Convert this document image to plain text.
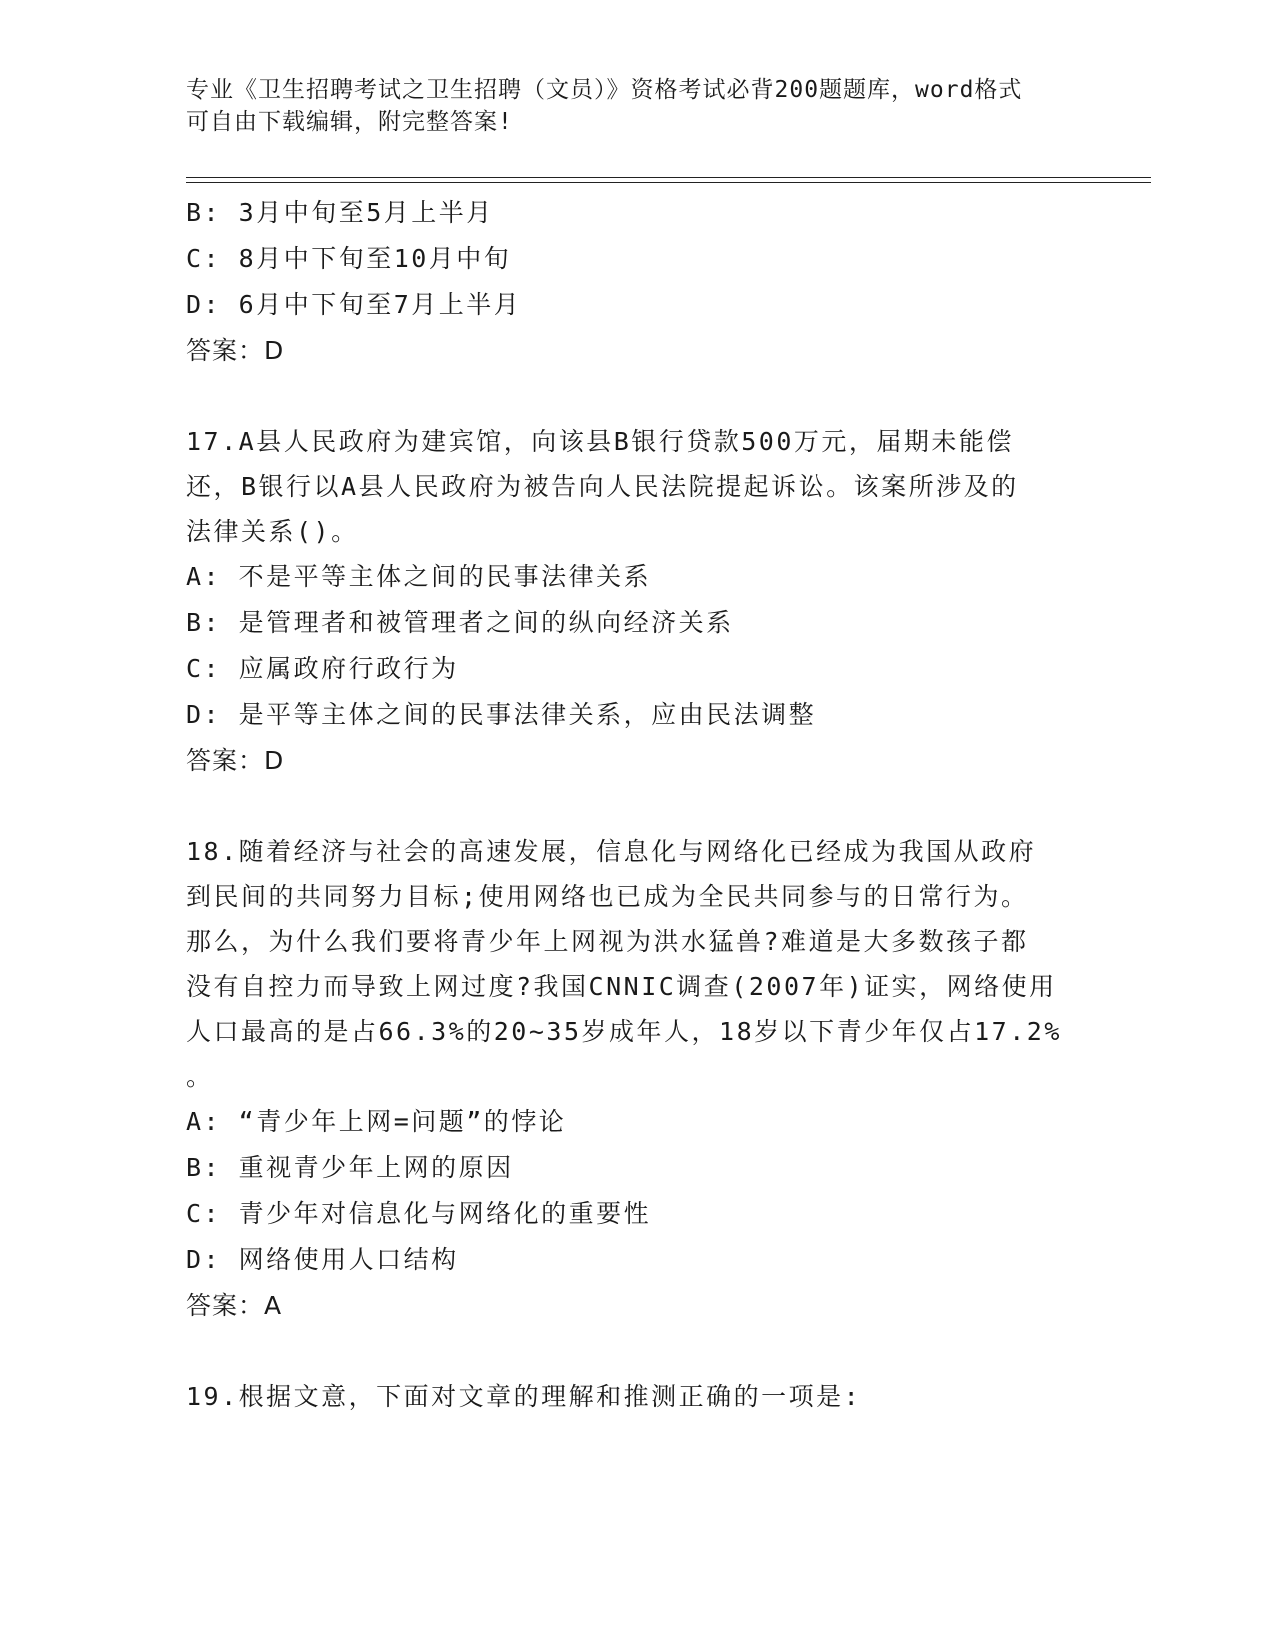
专业《卫生招聘考试之卫生招聘（文员）》资格考试必背200题题库，word格式
可自由下载编辑，附完整答案!
B: 3月中旬至5月上半月
C: 8月中下旬至10月中旬
D: 6月中下旬至7月上半月
答案：D
17.A县人民政府为建宾馆，向该县B银行贷款500万元，届期未能偿
还，B银行以A县人民政府为被告向人民法院提起诉讼。该案所涉及的
法律关系()。
A: 不是平等主体之间的民事法律关系
B: 是管理者和被管理者之间的纵向经济关系
C: 应属政府行政行为
D: 是平等主体之间的民事法律关系，应由民法调整
答案：D
18.随着经济与社会的高速发展，信息化与网络化已经成为我国从政府
到民间的共同努力目标;使用网络也已成为全民共同参与的日常行为。
那么，为什么我们要将青少年上网视为洪水猛兽?难道是大多数孩子都
没有自控力而导致上网过度?我国CNNIC调查(2007年)证实，网络使用
人口最高的是占66.3%的20~35岁成年人，18岁以下青少年仅占17.2%
。
A: “青少年上网=问题”的悖论
B: 重视青少年上网的原因
C: 青少年对信息化与网络化的重要性
D: 网络使用人口结构
答案：A
19.根据文意，下面对文章的理解和推测正确的一项是:
